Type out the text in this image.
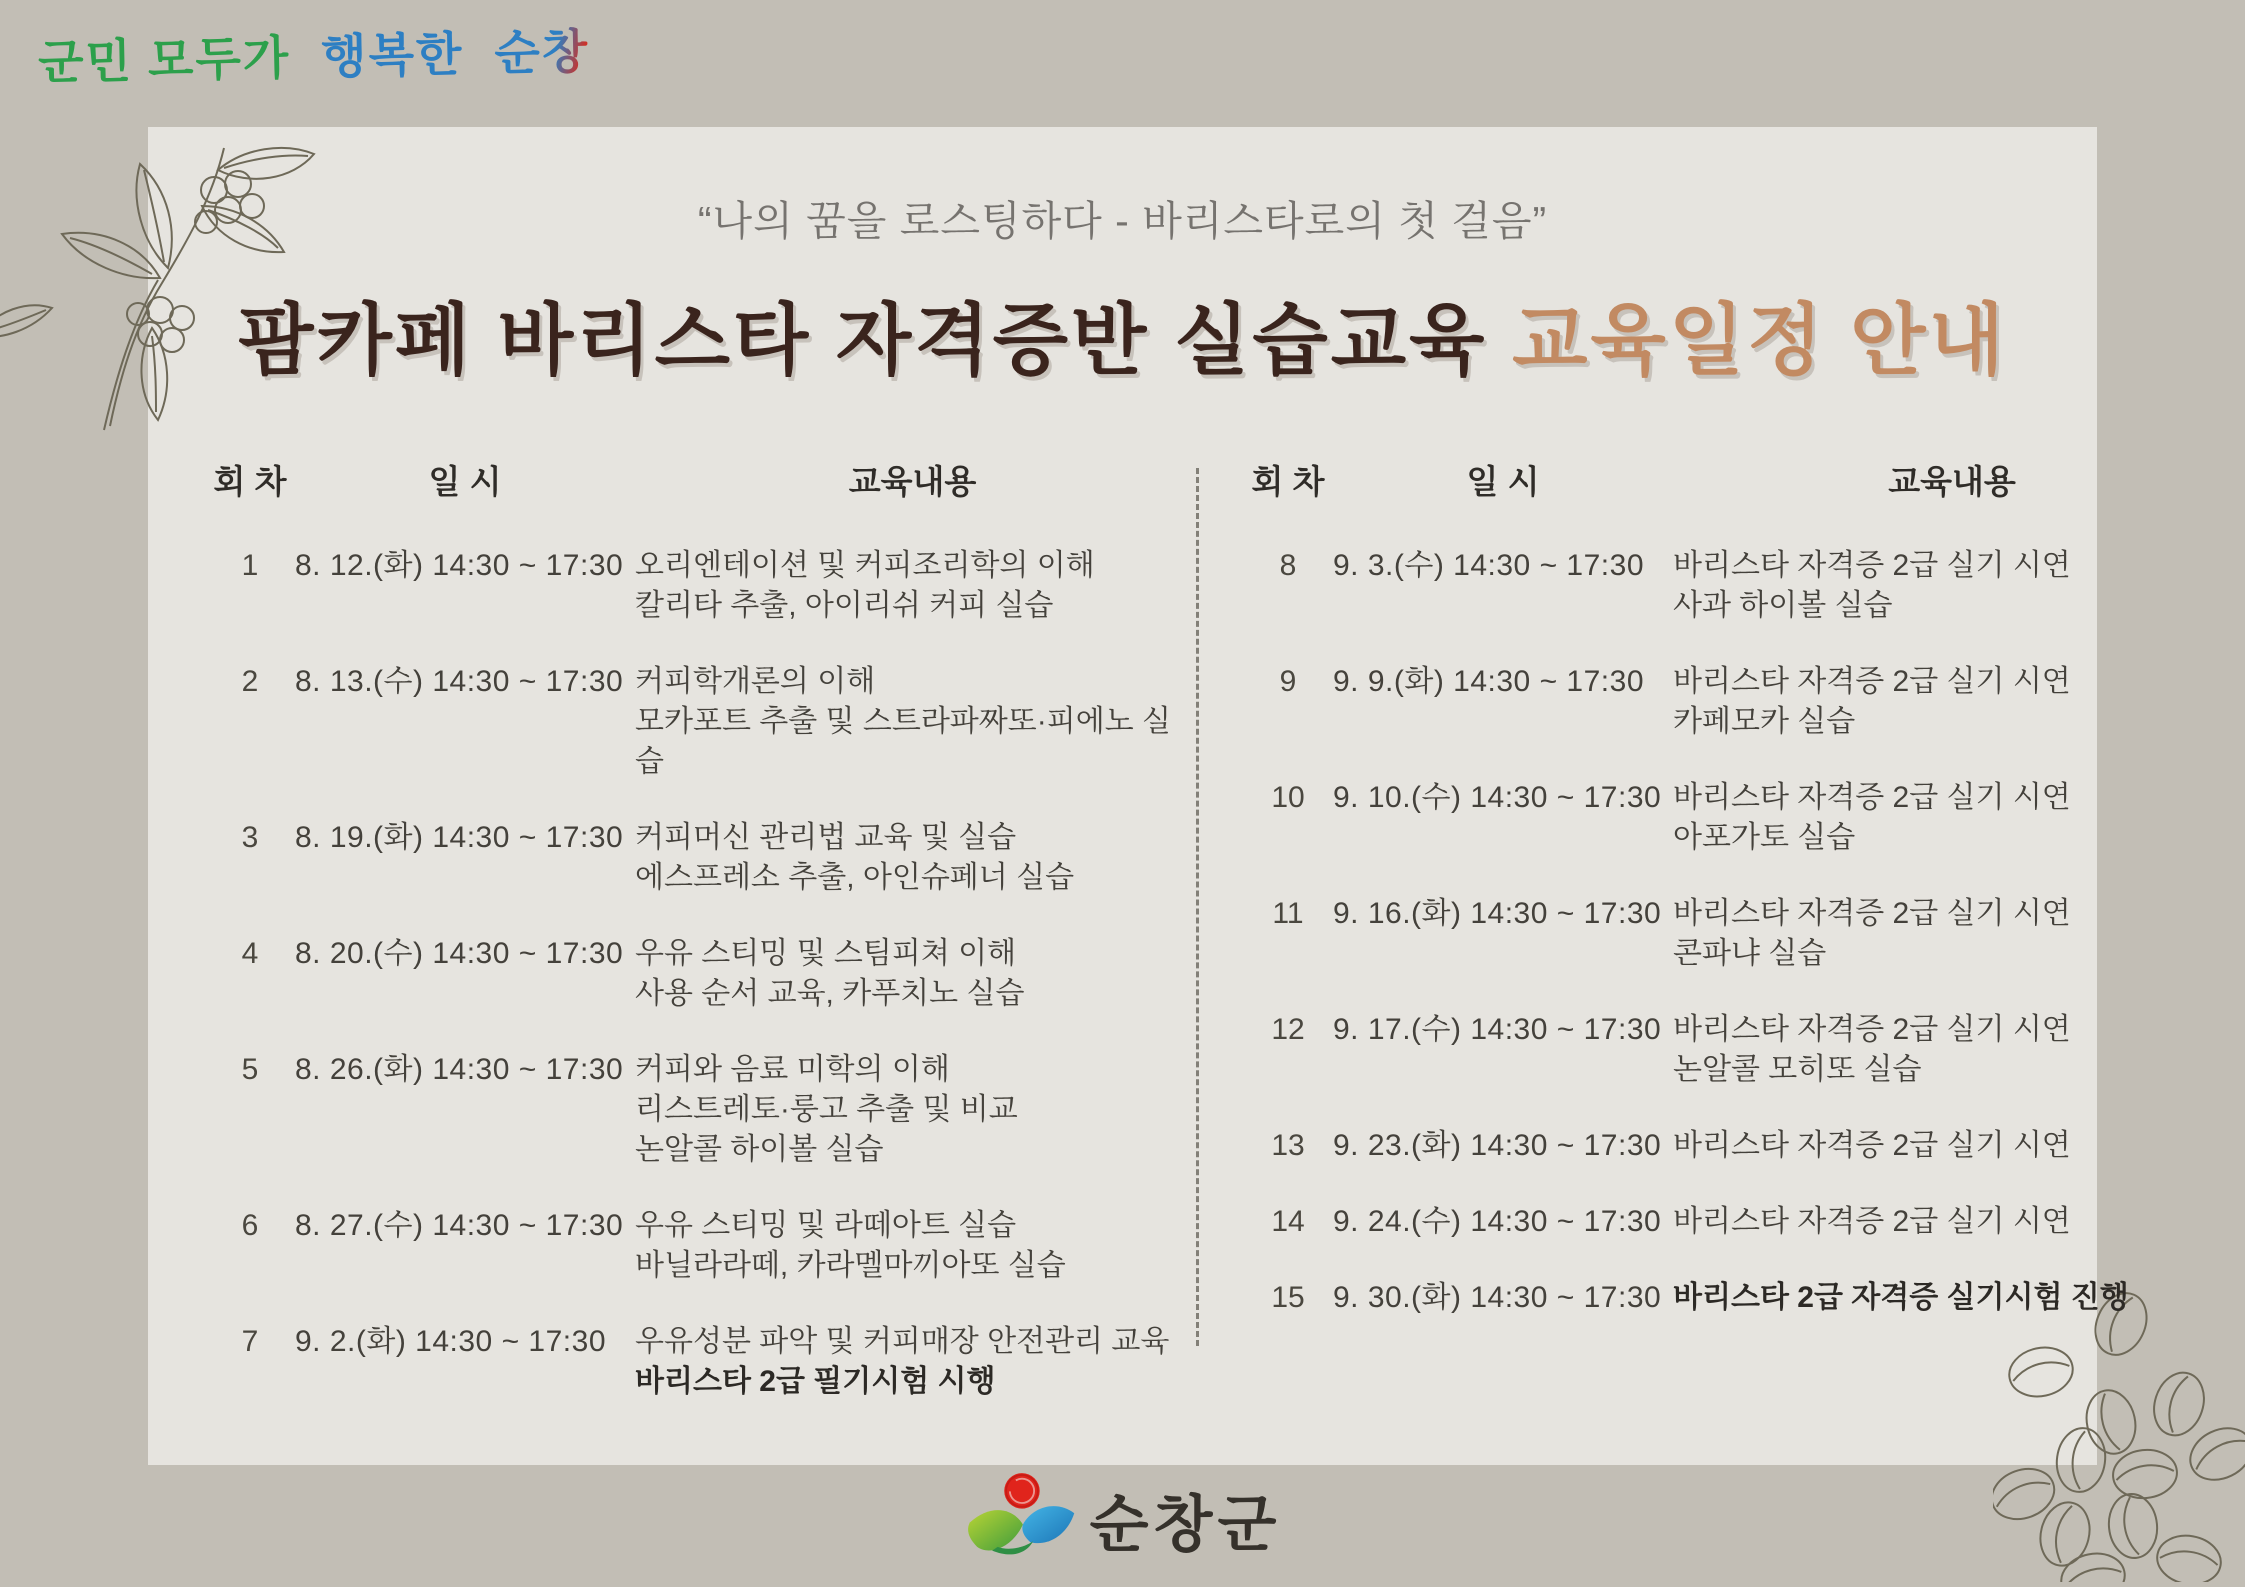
군민 모두가 행복한 순창
“나의 꿈을 로스팅하다 - 바리스타로의 첫 걸음”
팜카페 바리스타 자격증반 실습교육 교육일정 안내
회 차	일 시	교육내용
1	8. 12.(화) 14:30 ~ 17:30 오리엔테이션 및 커피조리학의 이해
칼리타 추출, 아이리쉬 커피 실습
2	8. 13.(수) 14:30 ~ 17:30 커피학개론의 이해
모카포트 추출 및 스트라파짜또·피에노 실습
3	8. 19.(화) 14:30 ~ 17:30 커피머신 관리법 교육 및 실습
에스프레소 추출, 아인슈페너 실습
4	8. 20.(수) 14:30 ~ 17:30 우유 스티밍 및 스팀피쳐 이해
사용 순서 교육, 카푸치노 실습
5	8. 26.(화) 14:30 ~ 17:30 커피와 음료 미학의 이해
리스트레토·룽고 추출 및 비교
논알콜 하이볼 실습
6	8. 27.(수) 14:30 ~ 17:30 우유 스티밍 및 라떼아트 실습
바닐라라떼, 카라멜마끼아또 실습
7	9. 2.(화) 14:30 ~ 17:30 우유성분 파악 및 커피매장 안전관리 교육
바리스타 2급 필기시험 시행
회 차	일 시	교육내용
8	9. 3.(수) 14:30 ~ 17:30 바리스타 자격증 2급 실기 시연
사과 하이볼 실습
9	9. 9.(화) 14:30 ~ 17:30 바리스타 자격증 2급 실기 시연
카페모카 실습
10 9. 10.(수) 14:30 ~ 17:30 바리스타 자격증 2급 실기 시연
아포가토 실습
11 9. 16.(화) 14:30 ~ 17:30 바리스타 자격증 2급 실기 시연
콘파냐 실습
12 9. 17.(수) 14:30 ~ 17:30 바리스타 자격증 2급 실기 시연
논알콜 모히또 실습
13 9. 23.(화) 14:30 ~ 17:30 바리스타 자격증 2급 실기 시연
14 9. 24.(수) 14:30 ~ 17:30 바리스타 자격증 2급 실기 시연
15 9. 30.(화) 14:30 ~ 17:30 바리스타 2급 자격증 실기시험 진행
순창군
